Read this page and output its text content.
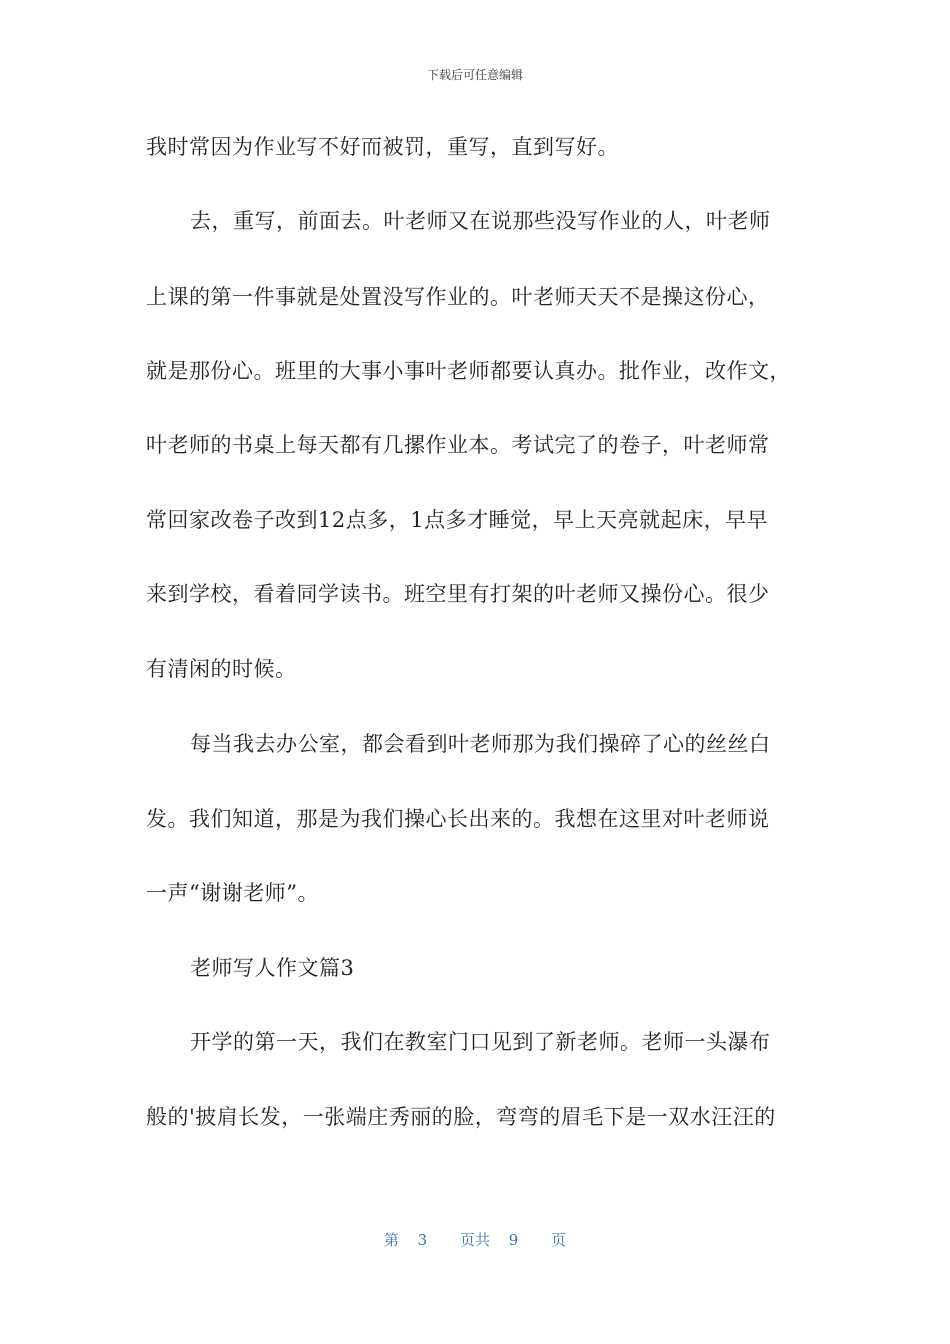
下载后可任意编辑
我时常因为作业写不好而被罚，重写，直到写好。
去，重写，前面去。叶老师又在说那些没写作业的人，叶老师
上课的第一件事就是处置没写作业的。叶老师天天不是操这份心，
就是那份心。班里的大事小事叶老师都要认真办。批作业，改作文，
叶老师的书桌上每天都有几摞作业本。考试完了的卷子，叶老师常
常回家改卷子改到12点多，1点多才睡觉，早上天亮就起床，早早
来到学校，看着同学读书。班空里有打架的叶老师又操份心。很少
有清闲的时候。
每当我去办公室，都会看到叶老师那为我们操碎了心的丝丝白
发。我们知道，那是为我们操心长出来的。我想在这里对叶老师说
一声“谢谢老师”。
老师写人作文篇3
开学的第一天，我们在教室门口见到了新老师。老师一头瀑布
般的'披肩长发，一张端庄秀丽的脸，弯弯的眉毛下是一双水汪汪的
第 3 页共 9 页
